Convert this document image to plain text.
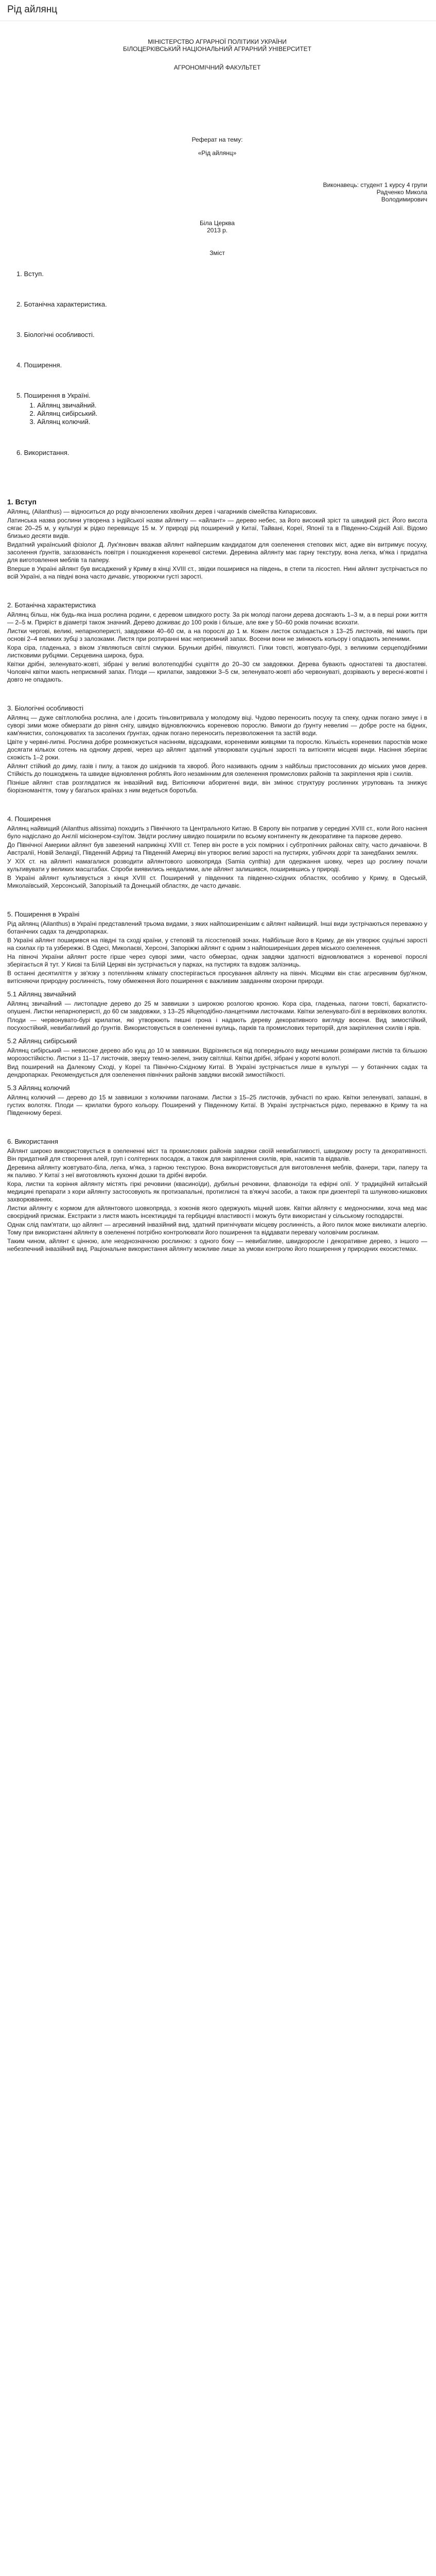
Рід айлянц

МІНІСТЕРСТВО АГРАРНОЇ ПОЛІТИКИ УКРАЇНИ

БІЛОЦЕРКІВСЬКИЙ НАЦІОНАЛЬНИЙ АГРАРНИЙ УНІВЕРСИТЕТ

АГРОНОМІЧНИЙ ФАКУЛЬТЕТ

Реферат на тему:

«Рід айлянц»

Виконавець: студент 1 курсу 4 групи

Радченко Микола

Володимирович

Біла Церква

2013 р.

Зміст

1. Вступ.
2. Ботанічна характеристика.
3. Біологічні особливості.
4. Поширення.
5. Поширення в Україні.
1. Айлянц звичайний.
2. Айлянц сибірський.
3. Айлянц колючий.
6. Використання.
1. Вступ

Айлянц, (Ailanthus) — відноситься до роду вічнозелених хвойних дерев і чагарників сімейства Кипарисових.

Латинська назва рослини утворена з індійської назви айлянту — «айлант» — дерево небес, за його високий зріст та швидкий ріст. Його висота сягає 20–25 м, у культурі ж рідко перевищує 15 м. У природі рід поширений у Китаї, Тайвані, Кореї, Японії та в Південно-Східній Азії. Відомо близько десяти видів.

Видатний український фізіолог Д. Лук'янович вважав айлянт найпершим кандидатом для озеленення степових міст, адже він витримує посуху, засолення ґрунтів, загазованість повітря і пошкодження кореневої системи. Деревина айлянту має гарну текстуру, вона легка, м'яка і придатна для виготовлення меблів та паперу.

Вперше в Україні айлянт був висаджений у Криму в кінці XVIII ст., звідки поширився на південь, в степи та лісостеп. Нині айлянт зустрічається по всій Україні, а на півдні вона часто дичавіє, утворюючи густі зарості.

2. Ботанічна характеристика

Айлянц більш, ніж будь-яка інша рослина родини, є деревом швидкого росту. За рік молоді пагони дерева досягають 1–3 м, а в перші роки життя — 2–5 м. Приріст в діаметрі також значний. Дерево доживає до 100 років і більше, але вже у 50–60 років починає всихати.

Листки чергові, великі, непарноперисті, завдовжки 40–60 см, а на порослі до 1 м. Кожен листок складається з 13–25 листочків, які мають при основі 2–4 великих зубці з залозками. Листя при розтиранні має неприємний запах. Восени вони не змінюють кольору і опадають зеленими.

Кора сіра, гладенька, з віком з'являються світлі смужки. Бруньки дрібні, півкулясті. Гілки товсті, жовтувато-бурі, з великими серцеподібними листковими рубцями. Серцевина широка, бура.

Квітки дрібні, зеленувато-жовті, зібрані у великі волотеподібні суцвіття до 20–30 см завдовжки. Дерева бувають одностатеві та двостатеві. Чоловічі квітки мають неприємний запах. Плоди — крилатки, завдовжки 3–5 см, зеленувато-жовті або червонуваті, дозрівають у вересні-жовтні і довго не опадають.

3. Біологічні особливості

Айлянц — дуже світлолюбна рослина, але і досить тіньовитривала у молодому віці. Чудово переносить посуху та спеку, однак погано зимує і в суворі зими може обмерзати до рівня снігу, швидко відновлюючись кореневою порослю. Вимоги до ґрунту невеликі — добре росте на бідних, кам'янистих, солонцюватих та засолених ґрунтах, однак погано переносить перезволоження та застій води.

Цвіте у червні-липні. Рослина добре розмножується насінням, відсадками, кореневими живцями та порослю. Кількість кореневих паростків може досягати кількох сотень на одному дереві, через що айлянт здатний утворювати суцільні зарості та витісняти місцеві види. Насіння зберігає схожість 1–2 роки.

Айлянт стійкий до диму, газів і пилу, а також до шкідників та хвороб. Його називають одним з найбільш пристосованих до міських умов дерев. Стійкість до пошкоджень та швидке відновлення роблять його незамінним для озеленення промислових районів та закріплення ярів і схилів.

Пізніше айлянт став розглядатися як інвазійний вид. Витісняючи аборигенні види, він змінює структуру рослинних угруповань та знижує біорізноманіття, тому у багатьох країнах з ним ведеться боротьба.

4. Поширення

Айлянц найвищий (Ailanthus altissima) походить з Північного та Центрального Китаю. В Європу він потрапив у середині XVIII ст., коли його насіння було надіслано до Англії місіонером-єзуїтом. Звідти рослину швидко поширили по всьому континенту як декоративне та паркове дерево.

До Північної Америки айлянт був завезений наприкінці XVIII ст. Тепер він росте в усіх помірних і субтропічних районах світу, часто дичавіючи. В Австралії, Новій Зеландії, Південній Африці та Південній Америці він утворює великі зарості на пустирях, узбіччях доріг та занедбаних землях.

У XIX ст. на айлянті намагалися розводити айлянтового шовкопряда (Samia cynthia) для одержання шовку, через що рослину почали культивувати у великих масштабах. Спроби виявились невдалими, але айлянт залишився, поширившись у природі.

В Україні айлянт культивується з кінця XVIII ст. Поширений у південних та південно-східних областях, особливо у Криму, в Одеській, Миколаївській, Херсонській, Запорізькій та Донецькій областях, де часто дичавіє.

5. Поширення в Україні

Рід айлянц (Ailanthus) в Україні представлений трьома видами, з яких найпоширенішим є айлянт найвищий. Інші види зустрічаються переважно у ботанічних садах та дендропарках.

В Україні айлянт поширився на півдні та сході країни, у степовій та лісостеповій зонах. Найбільше його в Криму, де він утворює суцільні зарості на схилах гір та узбережжі. В Одесі, Миколаєві, Херсоні, Запоріжжі айлянт є одним з найпоширеніших дерев міського озеленення.

На півночі України айлянт росте гірше через суворі зими, часто обмерзає, однак завдяки здатності відновлюватися з кореневої порослі зберігається й тут. У Києві та Білій Церкві він зустрічається у парках, на пустирях та вздовж залізниць.

В останні десятиліття у зв'язку з потеплінням клімату спостерігається просування айлянту на північ. Місцями він стає агресивним бур'яном, витісняючи природну рослинність, тому обмеження його поширення є важливим завданням охорони природи.

5.1 Айлянц звичайний

Айлянц звичайний — листопадне дерево до 25 м заввишки з широкою розлогою кроною. Кора сіра, гладенька, пагони товсті, бархатисто-опушені. Листки непарноперисті, до 60 см завдовжки, з 13–25 яйцеподібно-ланцетними листочками. Квітки зеленувато-білі в верхівкових волотях.

Плоди — червонувато-бурі крилатки, які утворюють пишні грона і надають дереву декоративного вигляду восени. Вид зимостійкий, посухостійкий, невибагливий до ґрунтів. Використовується в озелененні вулиць, парків та промислових територій, для закріплення схилів і ярів.

5.2 Айлянц сибірський

Айлянц сибірський — невисоке дерево або кущ до 10 м заввишки. Відрізняється від попереднього виду меншими розмірами листків та більшою морозостійкістю. Листки з 11–17 листочків, зверху темно-зелені, знизу світліші. Квітки дрібні, зібрані у короткі волоті.

Вид поширений на Далекому Сході, у Кореї та Північно-Східному Китаї. В Україні зустрічається лише в культурі — у ботанічних садах та дендропарках. Рекомендується для озеленення північних районів завдяки високій зимостійкості.

5.3 Айлянц колючий

Айлянц колючий — дерево до 15 м заввишки з колючими пагонами. Листки з 15–25 листочків, зубчасті по краю. Квітки зеленуваті, запашні, в густих волотях. Плоди — крилатки бурого кольору. Поширений у Південному Китаї. В Україні зустрічається рідко, переважно в Криму та на Південному березі.

6. Використання

Айлянт широко використовується в озелененні міст та промислових районів завдяки своїй невибагливості, швидкому росту та декоративності. Він придатний для створення алей, груп і солітерних посадок, а також для закріплення схилів, ярів, насипів та відвалів.

Деревина айлянту жовтувато-біла, легка, м'яка, з гарною текстурою. Вона використовується для виготовлення меблів, фанери, тари, паперу та як паливо. У Китаї з неї виготовляють кухонні дошки та дрібні вироби.

Кора, листки та коріння айлянту містять гіркі речовини (квасиноїди), дубильні речовини, флавоноїди та ефірні олії. У традиційній китайській медицині препарати з кори айлянту застосовують як протизапальні, протиглисні та в'яжучі засоби, а також при дизентерії та шлунково-кишкових захворюваннях.

Листки айлянту є кормом для айлянтового шовкопряда, з коконів якого одержують міцний шовк. Квітки айлянту є медоносними, хоча мед має своєрідний присмак. Екстракти з листя мають інсектицидні та гербіцидні властивості і можуть бути використані у сільському господарстві.

Однак слід пам'ятати, що айлянт — агресивний інвазійний вид, здатний пригнічувати місцеву рослинність, а його пилок може викликати алергію. Тому при використанні айлянту в озелененні потрібно контролювати його поширення та віддавати перевагу чоловічим рослинам.

Таким чином, айлянт є цінною, але неоднозначною рослиною: з одного боку — невибагливе, швидкоросле і декоративне дерево, з іншого — небезпечний інвазійний вид. Раціональне використання айлянту можливе лише за умови контролю його поширення у природних екосистемах.
